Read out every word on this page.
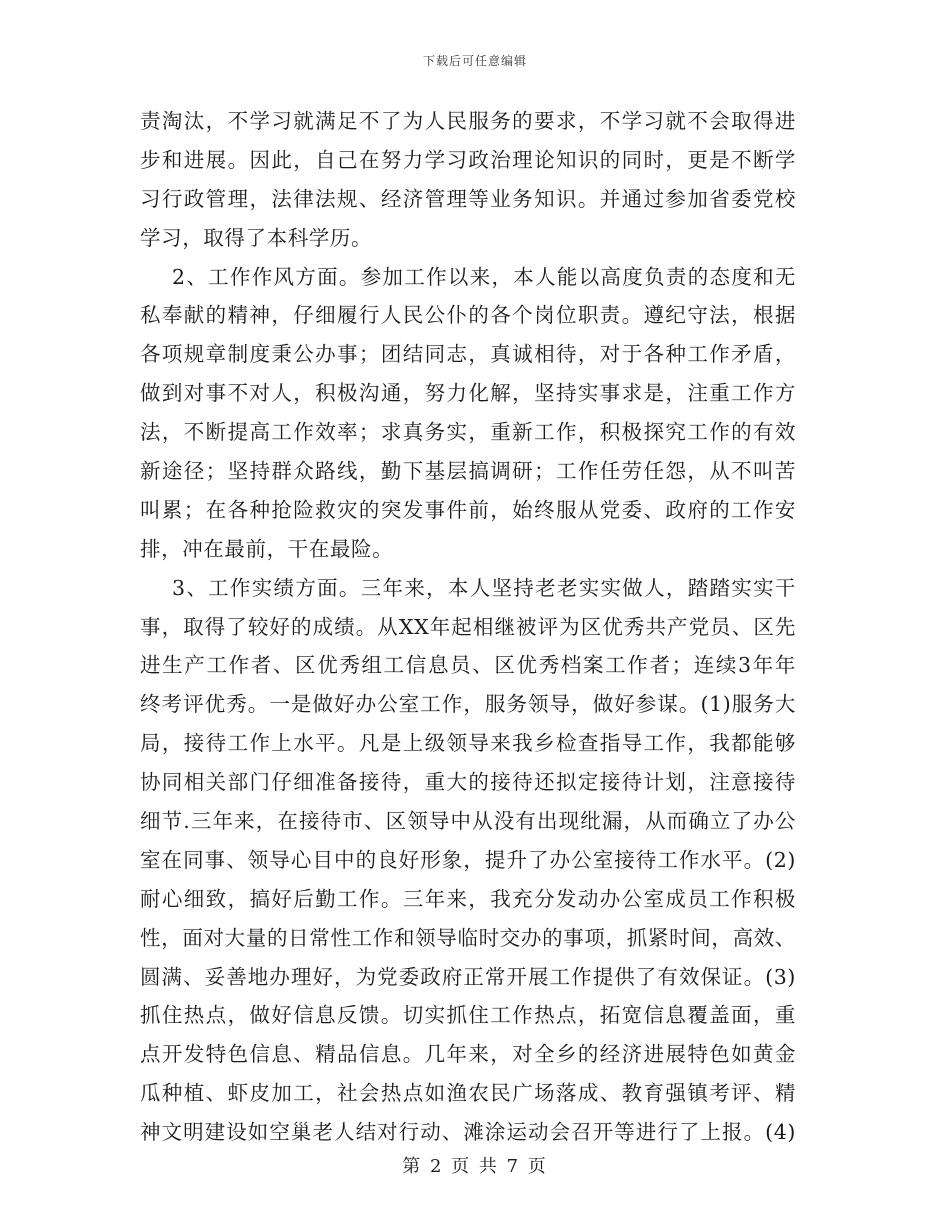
下载后可任意编辑
责淘汰，不学习就满足不了为人民服务的要求，不学习就不会取得进
步和进展。因此，自己在努力学习政治理论知识的同时，更是不断学
习行政管理，法律法规、经济管理等业务知识。并通过参加省委党校
学习，取得了本科学历。
2、工作作风方面。参加工作以来，本人能以高度负责的态度和无
私奉献的精神，仔细履行人民公仆的各个岗位职责。遵纪守法，根据
各项规章制度秉公办事；团结同志，真诚相待，对于各种工作矛盾，
做到对事不对人，积极沟通，努力化解，坚持实事求是，注重工作方
法，不断提高工作效率；求真务实，重新工作，积极探究工作的有效
新途径；坚持群众路线，勤下基层搞调研；工作任劳任怨，从不叫苦
叫累；在各种抢险救灾的突发事件前，始终服从党委、政府的工作安
排，冲在最前，干在最险。
3、工作实绩方面。三年来，本人坚持老老实实做人，踏踏实实干
事，取得了较好的成绩。从XX年起相继被评为区优秀共产党员、区先
进生产工作者、区优秀组工信息员、区优秀档案工作者；连续3年年
终考评优秀。一是做好办公室工作，服务领导，做好参谋。(1)服务大
局，接待工作上水平。凡是上级领导来我乡检查指导工作，我都能够
协同相关部门仔细准备接待，重大的接待还拟定接待计划，注意接待
细节.三年来，在接待市、区领导中从没有出现纰漏，从而确立了办公
室在同事、领导心目中的良好形象，提升了办公室接待工作水平。(2)
耐心细致，搞好后勤工作。三年来，我充分发动办公室成员工作积极
性，面对大量的日常性工作和领导临时交办的事项，抓紧时间，高效、
圆满、妥善地办理好，为党委政府正常开展工作提供了有效保证。(3)
抓住热点，做好信息反馈。切实抓住工作热点，拓宽信息覆盖面，重
点开发特色信息、精品信息。几年来，对全乡的经济进展特色如黄金
瓜种植、虾皮加工，社会热点如渔农民广场落成、教育强镇考评、精
神文明建设如空巢老人结对行动、滩涂运动会召开等进行了上报。(4)
第 2 页 共 7 页
